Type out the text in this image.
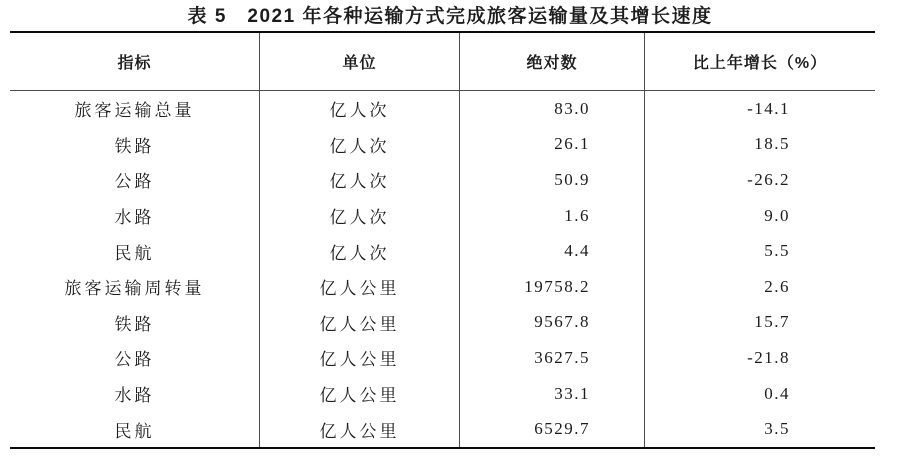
表 5　2021 年各种运输方式完成旅客运输量及其增长速度
指标	单位	绝对数	比上年增长（%）
旅客运输总量	亿人次	83.0	-14.1
铁路	亿人次	26.1	18.5
公路	亿人次	50.9	-26.2
水路	亿人次	1.6	9.0
民航	亿人次	4.4	5.5
旅客运输周转量	亿人公里	19758.2	2.6
铁路	亿人公里	9567.8	15.7
公路	亿人公里	3627.5	-21.8
水路	亿人公里	33.1	0.4
民航	亿人公里	6529.7	3.5
